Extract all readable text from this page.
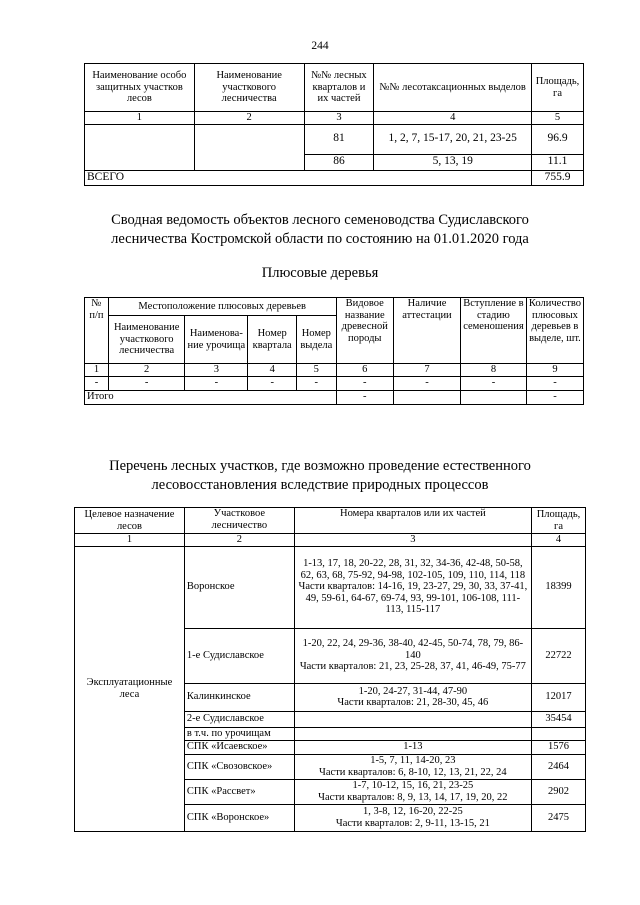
244
Наименование особо защитных участков лесов	Наименование участкового лесничества	№№ лесных кварталов и их частей	№№ лесотаксационных выделов	Площадь, га
1	2	3	4	5
		81	1, 2, 7, 15-17, 20, 21, 23-25	96.9
		86	5, 13, 19	11.1
ВСЕГО				755.9
Сводная ведомость объектов лесного семеноводства Судиславского
лесничества Костромской области по состоянию на 01.01.2020 года
Плюсовые деревья
№ п/п	Местоположение плюсовых деревьев				Видовое название древесной породы	Наличие аттестации	Вступление в стадию семеношения	Количество плюсовых деревьев в выделе, шт.
	Наименование участкового лесничества	Наименова-ние урочища	Номер квартала	Номер выдела				
1	2	3	4	5	6	7	8	9
-	-	-	-	-	-	-	-	-
Итого					-			-
Перечень лесных участков, где возможно проведение естественного
лесовосстановления вследствие природных процессов
Целевое назначение лесов	Участковое лесничество	Номера кварталов или их частей	Площадь, га
1	2	3	4
Эксплуатационные леса	Воронское	1-13, 17, 18, 20-22, 28, 31, 32, 34-36, 42-48, 50-58, 62, 63, 68, 75-92, 94-98, 102-105, 109, 110, 114, 118
Части кварталов: 14-16, 19, 23-27, 29, 30, 33, 37-41, 49, 59-61, 64-67, 69-74, 93, 99-101, 106-108, 111-113, 115-117	18399
	1-е Судиславское	1-20, 22, 24, 29-36, 38-40, 42-45, 50-74, 78, 79, 86-140
Части кварталов: 21, 23, 25-28, 37, 41, 46-49, 75-77	22722
	Калинкинское	1-20, 24-27, 31-44, 47-90
Части кварталов: 21, 28-30, 45, 46	12017
	2-е Судиславское		35454
	в т.ч. по урочищам		
	СПК «Исаевское»	1-13	1576
	СПК «Свозовское»	1-5, 7, 11, 14-20, 23
Части кварталов: 6, 8-10, 12, 13, 21, 22, 24	2464
	СПК «Рассвет»	1-7, 10-12, 15, 16, 21, 23-25
Части кварталов: 8, 9, 13, 14, 17, 19, 20, 22	2902
	СПК «Воронское»	1, 3-8, 12, 16-20, 22-25
Части кварталов: 2, 9-11, 13-15, 21	2475
